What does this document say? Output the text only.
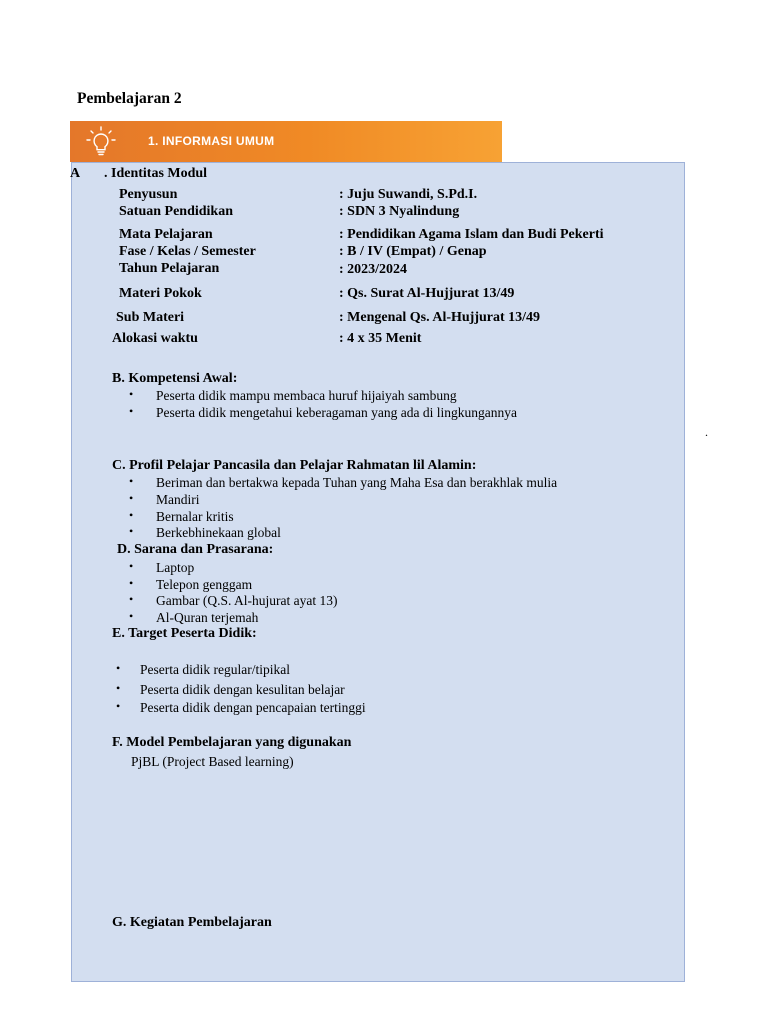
Pembelajaran 2
1. INFORMASI UMUM
A . Identitas Modul
Penyusun	: Juju Suwandi, S.Pd.I.
Satuan Pendidikan	: SDN 3 Nyalindung
Mata Pelajaran	: Pendidikan Agama Islam dan Budi Pekerti
Fase / Kelas / Semester	: B / IV (Empat) / Genap
Tahun Pelajaran	: 2023/2024
Materi Pokok	: Qs. Surat Al-Hujjurat 13/49
Sub Materi	: Mengenal Qs. Al-Hujjurat 13/49
Alokasi waktu	: 4 x 35 Menit
B. Kompetensi Awal:
• Peserta didik mampu membaca huruf hijaiyah sambung
• Peserta didik mengetahui keberagaman yang ada di lingkungannya
.
C. Profil Pelajar Pancasila dan Pelajar Rahmatan lil Alamin:
• Beriman dan bertakwa kepada Tuhan yang Maha Esa dan berakhlak mulia
• Mandiri
• Bernalar kritis
• Berkebhinekaan global
D. Sarana dan Prasarana:
• Laptop
• Telepon genggam
• Gambar (Q.S. Al-hujurat ayat 13)
• Al-Quran terjemah
E. Target Peserta Didik:
• Peserta didik regular/tipikal
• Peserta didik dengan kesulitan belajar
• Peserta didik dengan pencapaian tertinggi
F. Model Pembelajaran yang digunakan
PjBL (Project Based learning)
G. Kegiatan Pembelajaran
